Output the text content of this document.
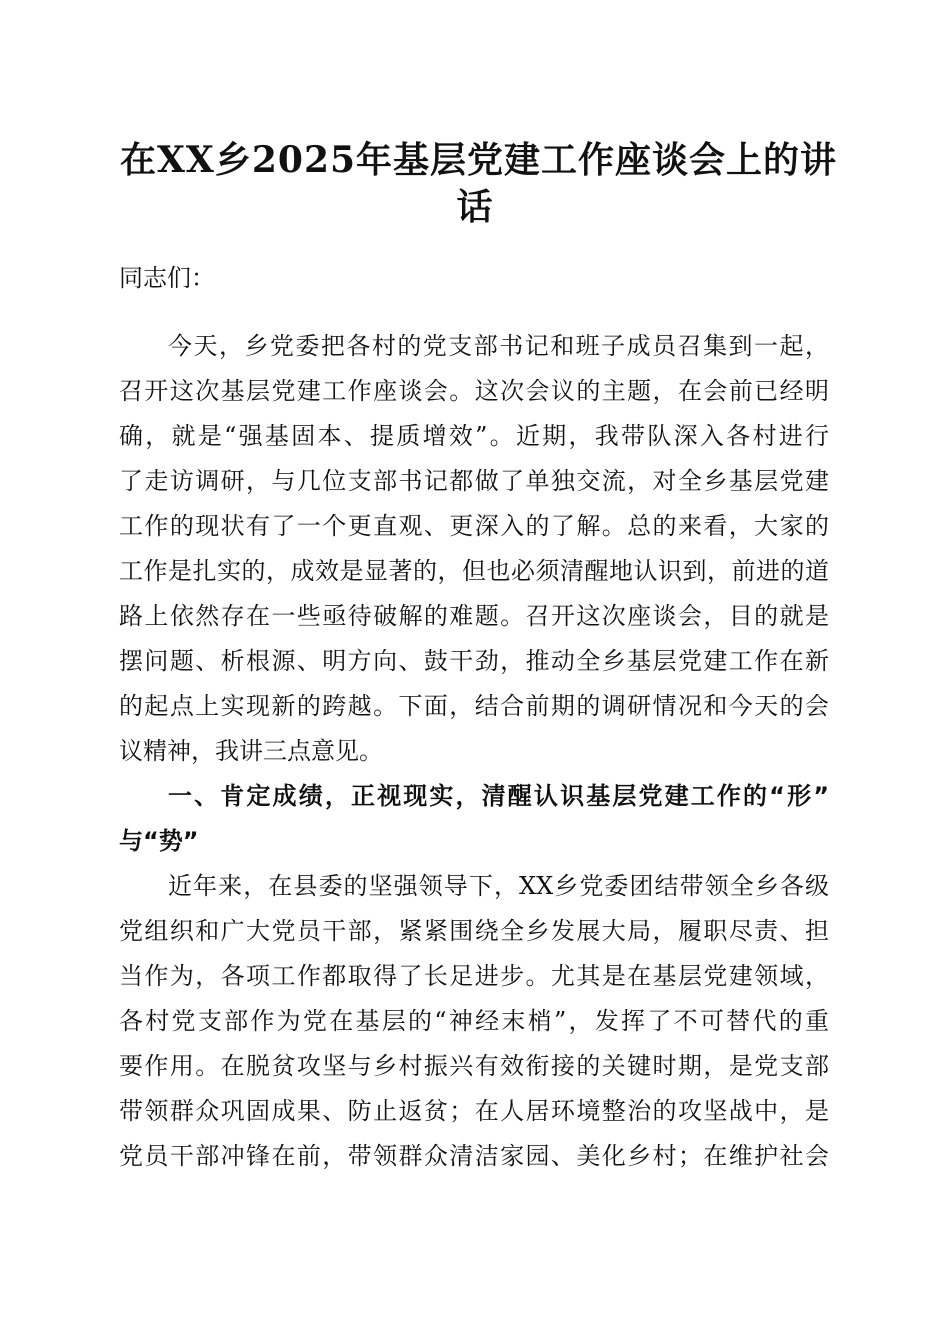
在XX乡2025年基层党建工作座谈会上的讲
话
同志们：
今天，乡党委把各村的党支部书记和班子成员召集到一起，
召开这次基层党建工作座谈会。这次会议的主题，在会前已经明
确，就是“强基固本、提质增效”。近期，我带队深入各村进行
了走访调研，与几位支部书记都做了单独交流，对全乡基层党建
工作的现状有了一个更直观、更深入的了解。总的来看，大家的
工作是扎实的，成效是显著的，但也必须清醒地认识到，前进的道
路上依然存在一些亟待破解的难题。召开这次座谈会，目的就是
摆问题、析根源、明方向、鼓干劲，推动全乡基层党建工作在新
的起点上实现新的跨越。下面，结合前期的调研情况和今天的会
议精神，我讲三点意见。
一、肯定成绩，正视现实，清醒认识基层党建工作的“形”
与“势”
近年来，在县委的坚强领导下，XX乡党委团结带领全乡各级
党组织和广大党员干部，紧紧围绕全乡发展大局，履职尽责、担
当作为，各项工作都取得了长足进步。尤其是在基层党建领域，
各村党支部作为党在基层的“神经末梢”，发挥了不可替代的重
要作用。在脱贫攻坚与乡村振兴有效衔接的关键时期，是党支部
带领群众巩固成果、防止返贫；在人居环境整治的攻坚战中，是
党员干部冲锋在前，带领群众清洁家园、美化乡村；在维护社会
